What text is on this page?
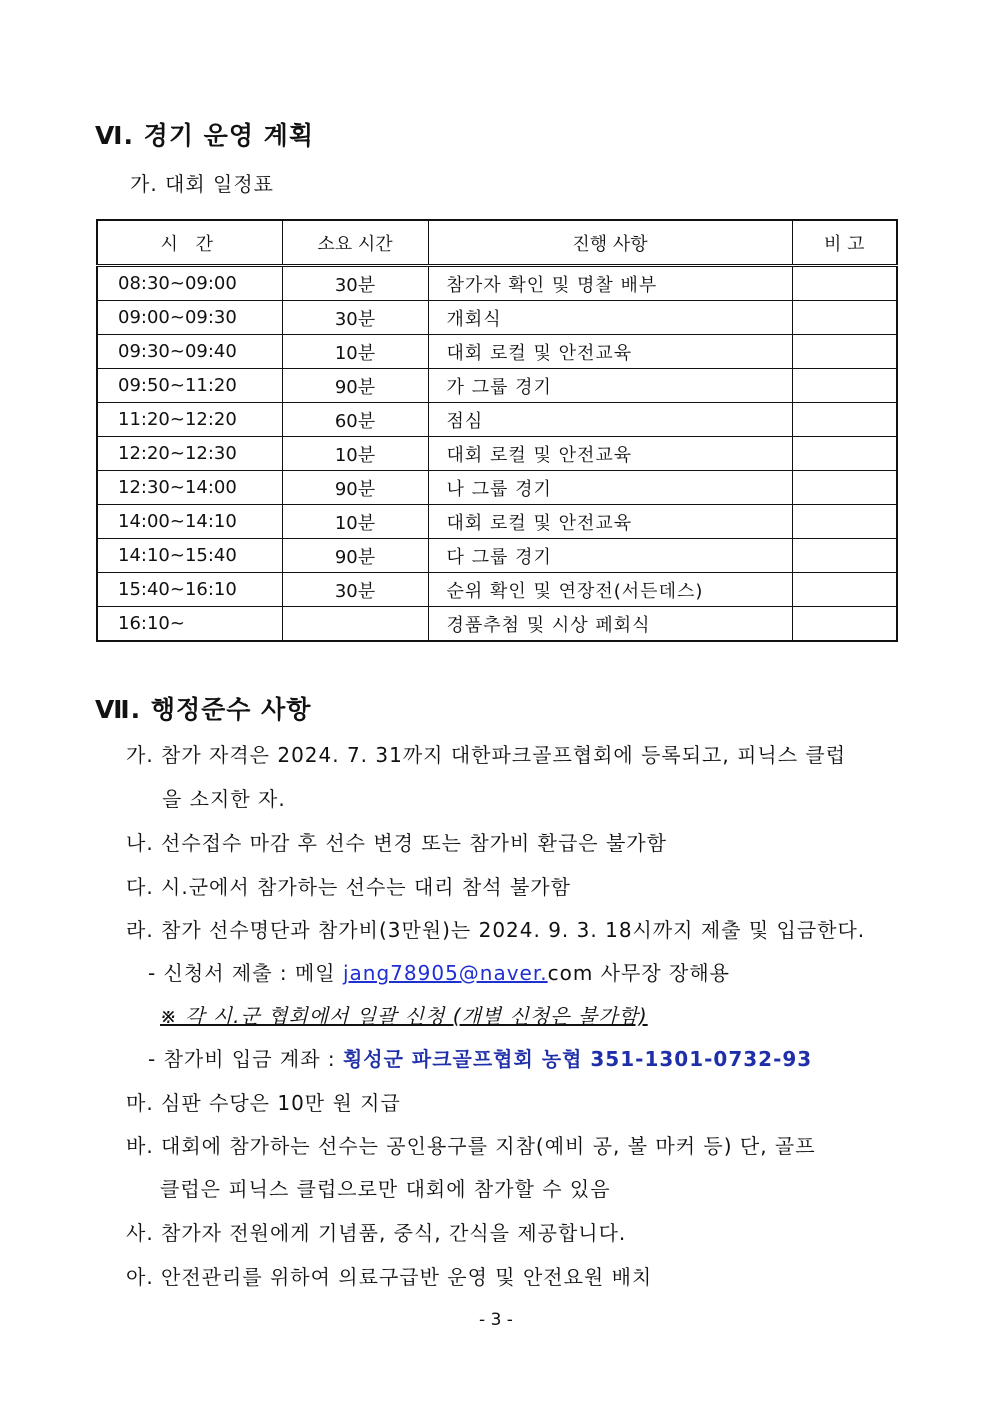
Ⅵ. 경기 운영 계획
가. 대회 일정표
시 간	소요 시간	진행 사항	비 고
08:30~09:00	30분	참가자 확인 및 명찰 배부	
09:00~09:30	30분	개회식	
09:30~09:40	10분	대회 로컬 및 안전교육	
09:50~11:20	90분	가 그룹 경기	
11:20~12:20	60분	점심	
12:20~12:30	10분	대회 로컬 및 안전교육	
12:30~14:00	90분	나 그룹 경기	
14:00~14:10	10분	대회 로컬 및 안전교육	
14:10~15:40	90분	다 그룹 경기	
15:40~16:10	30분	순위 확인 및 연장전(서든데스)	
16:10~		경품추첨 및 시상 페회식	
가. 참가 자격은 2024. 7. 31까지 대한파크골프협회에 등록되고, 피닉스 클럽
을 소지한 자.
나. 선수접수 마감 후 선수 변경 또는 참가비 환급은 불가함
다. 시.군에서 참가하는 선수는 대리 참석 불가함
라. 참가 선수명단과 참가비(3만원)는 2024. 9. 3. 18시까지 제출 및 입금한다.
- 신청서 제출 : 메일 jang78905@naver.com 사무장 장해용
※ 각 시.군 협회에서 일괄 신청 (개별 신청은 불가함)
- 참가비 입금 계좌 : 횡성군 파크골프협회 농협 351-1301-0732-93
마. 심판 수당은 10만 원 지급
바. 대회에 참가하는 선수는 공인용구를 지참(예비 공, 볼 마커 등) 단, 골프
클럽은 피닉스 클럽으로만 대회에 참가할 수 있음
사. 참가자 전원에게 기념품, 중식, 간식을 제공합니다.
아. 안전관리를 위하여 의료구급반 운영 및 안전요원 배치
Ⅶ. 행정준수 사항
- 3 -
